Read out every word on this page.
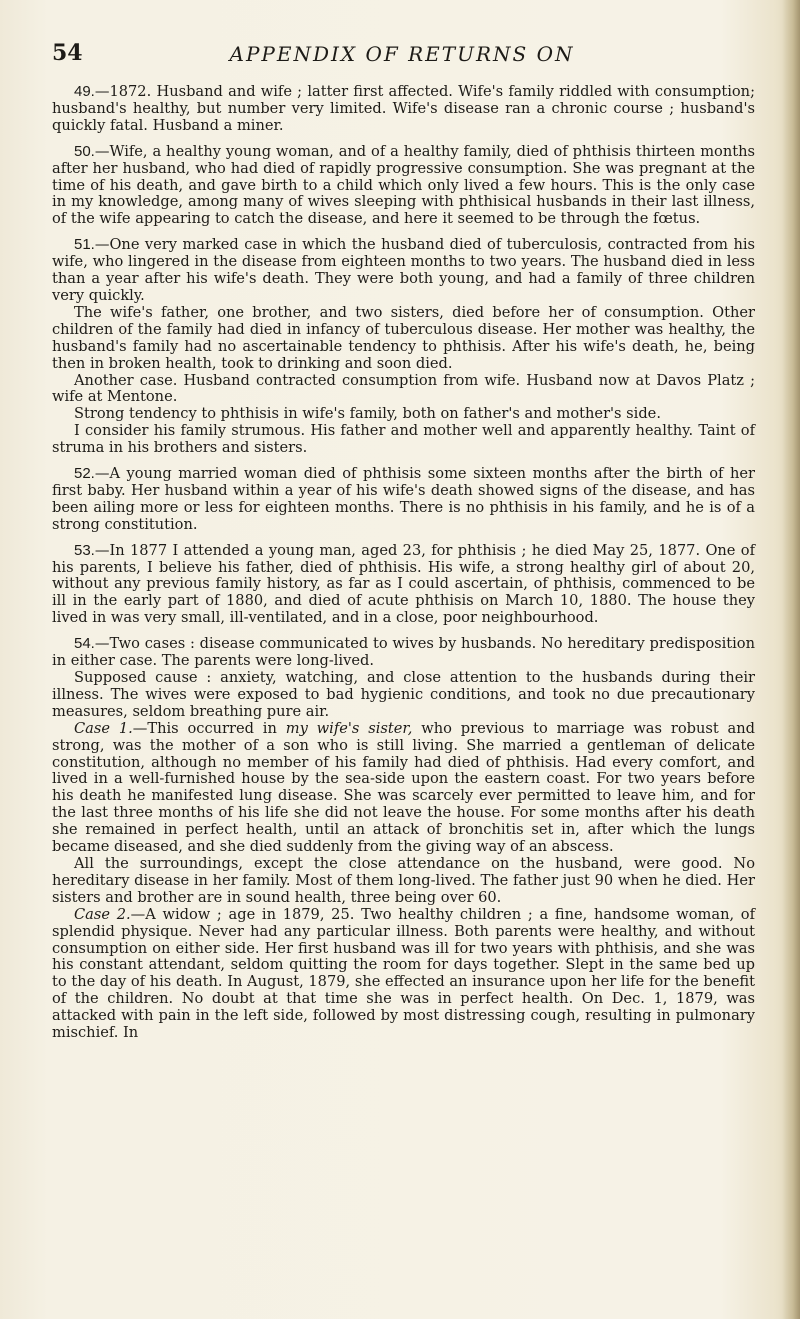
54	APPENDIX OF RETURNS ON

49.—1872. Husband and wife ; latter first affected. Wife's family riddled with consumption; husband's healthy, but number very limited. Wife's disease ran a chronic course ; husband's quickly fatal. Husband a miner.

50.—Wife, a healthy young woman, and of a healthy family, died of phthisis thirteen months after her husband, who had died of rapidly progressive consumption. She was pregnant at the time of his death, and gave birth to a child which only lived a few hours. This is the only case in my knowledge, among many of wives sleeping with phthisical husbands in their last illness, of the wife appearing to catch the disease, and here it seemed to be through the fœtus.

51.—One very marked case in which the husband died of tuberculosis, contracted from his wife, who lingered in the disease from eighteen months to two years. The husband died in less than a year after his wife's death. They were both young, and had a family of three children very quickly.

The wife's father, one brother, and two sisters, died before her of consumption. Other children of the family had died in infancy of tuberculous disease. Her mother was healthy, the husband's family had no ascertainable tendency to phthisis. After his wife's death, he, being then in broken health, took to drinking and soon died.

Another case. Husband contracted consumption from wife. Husband now at Davos Platz ; wife at Mentone.

Strong tendency to phthisis in wife's family, both on father's and mother's side.

I consider his family strumous. His father and mother well and apparently healthy. Taint of struma in his brothers and sisters.

52.—A young married woman died of phthisis some sixteen months after the birth of her first baby. Her husband within a year of his wife's death showed signs of the disease, and has been ailing more or less for eighteen months. There is no phthisis in his family, and he is of a strong constitution.

53.—In 1877 I attended a young man, aged 23, for phthisis ; he died May 25, 1877. One of his parents, I believe his father, died of phthisis. His wife, a strong healthy girl of about 20, without any previous family history, as far as I could ascertain, of phthisis, commenced to be ill in the early part of 1880, and died of acute phthisis on March 10, 1880. The house they lived in was very small, ill-ventilated, and in a close, poor neighbourhood.

54.—Two cases : disease communicated to wives by husbands. No hereditary predisposition in either case. The parents were long-lived.

Supposed cause : anxiety, watching, and close attention to the husbands during their illness. The wives were exposed to bad hygienic conditions, and took no due precautionary measures, seldom breathing pure air.

Case 1.—This occurred in my wife's sister, who previous to marriage was robust and strong, was the mother of a son who is still living. She married a gentleman of delicate constitution, although no member of his family had died of phthisis. Had every comfort, and lived in a well-furnished house by the sea-side upon the eastern coast. For two years before his death he manifested lung disease. She was scarcely ever permitted to leave him, and for the last three months of his life she did not leave the house. For some months after his death she remained in perfect health, until an attack of bronchitis set in, after which the lungs became diseased, and she died suddenly from the giving way of an abscess.

All the surroundings, except the close attendance on the husband, were good. No hereditary disease in her family. Most of them long-lived. The father just 90 when he died. Her sisters and brother are in sound health, three being over 60.

Case 2.—A widow ; age in 1879, 25. Two healthy children ; a fine, handsome woman, of splendid physique. Never had any particular illness. Both parents were healthy, and without consumption on either side. Her first husband was ill for two years with phthisis, and she was his constant attendant, seldom quitting the room for days together. Slept in the same bed up to the day of his death. In August, 1879, she effected an insurance upon her life for the benefit of the children. No doubt at that time she was in perfect health. On Dec. 1, 1879, was attacked with pain in the left side, followed by most distressing cough, resulting in pulmonary mischief. In
